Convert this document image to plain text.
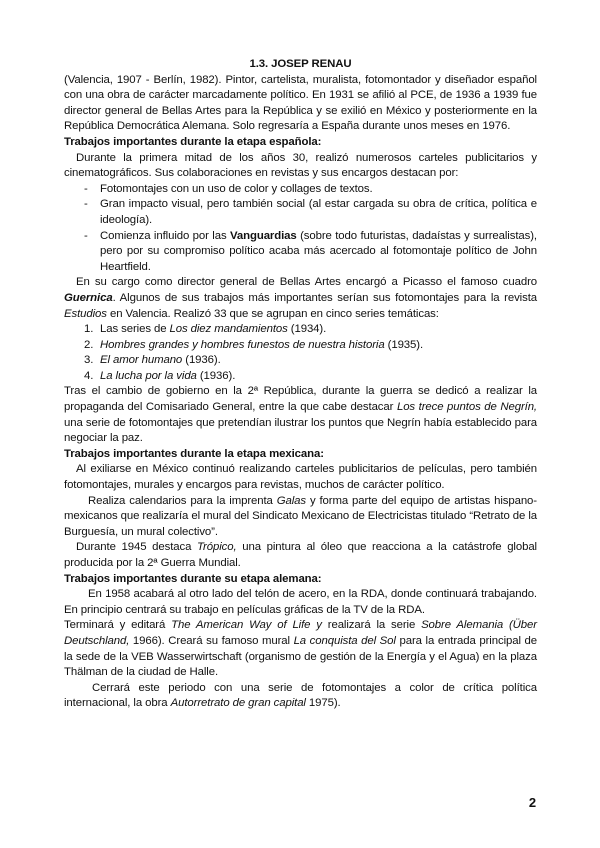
1.3. JOSEP RENAU

(Valencia, 1907 - Berlín, 1982). Pintor, cartelista, muralista, fotomontador y diseñador español con una obra de carácter marcadamente político. En 1931 se afilió al PCE, de 1936 a 1939 fue director general de Bellas Artes para la República y se exilió en México y posteriormente en la República Democrática Alemana. Solo regresaría a España durante unos meses en 1976.

Trabajos importantes durante la etapa española:

Durante la primera mitad de los años 30, realizó numerosos carteles publicitarios y cinematográficos. Sus colaboraciones en revistas y sus encargos destacan por:

- Fotomontajes con un uso de color y collages de textos.
- Gran impacto visual, pero también social (al estar cargada su obra de crítica, política e ideología).
- Comienza influido por las Vanguardias (sobre todo futuristas, dadaístas y surrealistas), pero por su compromiso político acaba más acercado al fotomontaje político de John Heartfield.

En su cargo como director general de Bellas Artes encargó a Picasso el famoso cuadro Guernica. Algunos de sus trabajos más importantes serían sus fotomontajes para la revista Estudios en Valencia. Realizó 33 que se agrupan en cinco series temáticas:

1. Las series de Los diez mandamientos (1934).
2. Hombres grandes y hombres funestos de nuestra historia (1935).
3. El amor humano (1936).
4. La lucha por la vida (1936).

Tras el cambio de gobierno en la 2ª República, durante la guerra se dedicó a realizar la propaganda del Comisariado General, entre la que cabe destacar Los trece puntos de Negrín, una serie de fotomontajes que pretendían ilustrar los puntos que Negrín había establecido para negociar la paz.

Trabajos importantes durante la etapa mexicana:

Al exiliarse en México continuó realizando carteles publicitarios de películas, pero también fotomontajes, murales y encargos para revistas, muchos de carácter político.

Realiza calendarios para la imprenta Galas y forma parte del equipo de artistas hispano-mexicanos que realizaría el mural del Sindicato Mexicano de Electricistas titulado “Retrato de la Burguesía, un mural colectivo”.

Durante 1945 destaca Trópico, una pintura al óleo que reacciona a la catástrofe global producida por la 2ª Guerra Mundial.

Trabajos importantes durante su etapa alemana:

En 1958 acabará al otro lado del telón de acero, en la RDA, donde continuará trabajando. En principio centrará su trabajo en películas gráficas de la TV de la RDA.

Terminará y editará The American Way of Life y realizará la serie Sobre Alemania (Über Deutschland, 1966). Creará su famoso mural La conquista del Sol para la entrada principal de la sede de la VEB Wasserwirtschaft (organismo de gestión de la Energía y el Agua) en la plaza Thälman de la ciudad de Halle.

Cerrará este periodo con una serie de fotomontajes a color de crítica política internacional, la obra Autorretrato de gran capital 1975).

2
